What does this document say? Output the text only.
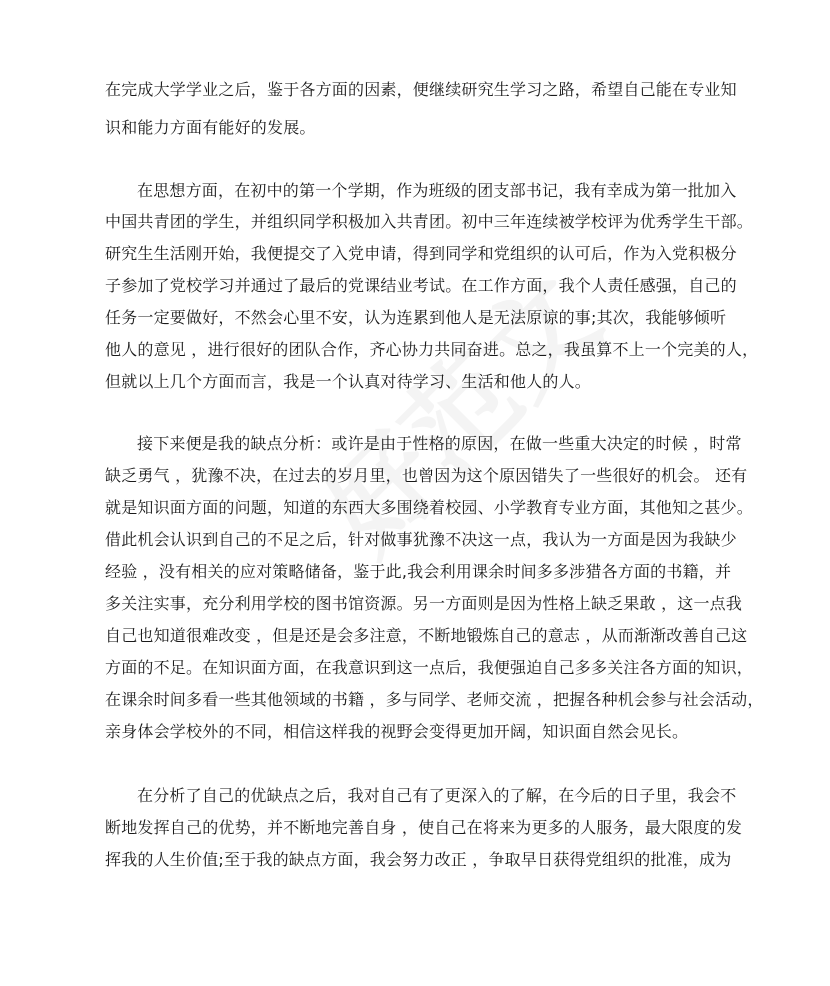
在完成大学学业之后，鉴于各方面的因素，便继续研究生学习之路，希望自己能在专业知
识和能力方面有能好的发展。
在思想方面，在初中的第一个学期，作为班级的团支部书记，我有幸成为第一批加入
中国共青团的学生，并组织同学积极加入共青团。初中三年连续被学校评为优秀学生干部。
研究生生活刚开始，我便提交了入党申请，得到同学和党组织的认可后，作为入党积极分
子参加了党校学习并通过了最后的党课结业考试。在工作方面，我个人责任感强，自己的
任务一定要做好，不然会心里不安，认为连累到他人是无法原谅的事;其次，我能够倾听
他人的意见 ，进行很好的团队合作，齐心协力共同奋进。总之，我虽算不上一个完美的人，
但就以上几个方面而言，我是一个认真对待学习、生活和他人的人。
接下来便是我的缺点分析：或许是由于性格的原因，在做一些重大决定的时候 ，时常
缺乏勇气 ，犹豫不决，在过去的岁月里，也曾因为这个原因错失了一些很好的机会。 还有
就是知识面方面的问题，知道的东西大多围绕着校园、小学教育专业方面，其他知之甚少。
借此机会认识到自己的不足之后，针对做事犹豫不决这一点，我认为一方面是因为我缺少
经验 ，没有相关的应对策略储备，鉴于此,我会利用课余时间多多涉猎各方面的书籍，并
多关注实事，充分利用学校的图书馆资源。另一方面则是因为性格上缺乏果敢 ，这一点我
自己也知道很难改变 ，但是还是会多注意，不断地锻炼自己的意志 ，从而渐渐改善自己这
方面的不足。在知识面方面，在我意识到这一点后，我便强迫自己多多关注各方面的知识，
在课余时间多看一些其他领域的书籍 ，多与同学、老师交流 ，把握各种机会参与社会活动，
亲身体会学校外的不同，相信这样我的视野会变得更加开阔，知识面自然会见长。
在分析了自己的优缺点之后，我对自己有了更深入的了解，在今后的日子里，我会不
断地发挥自己的优势，并不断地完善自身 ，使自己在将来为更多的人服务，最大限度的发
挥我的人生价值;至于我的缺点方面，我会努力改正 ，争取早日获得党组织的批准，成为
